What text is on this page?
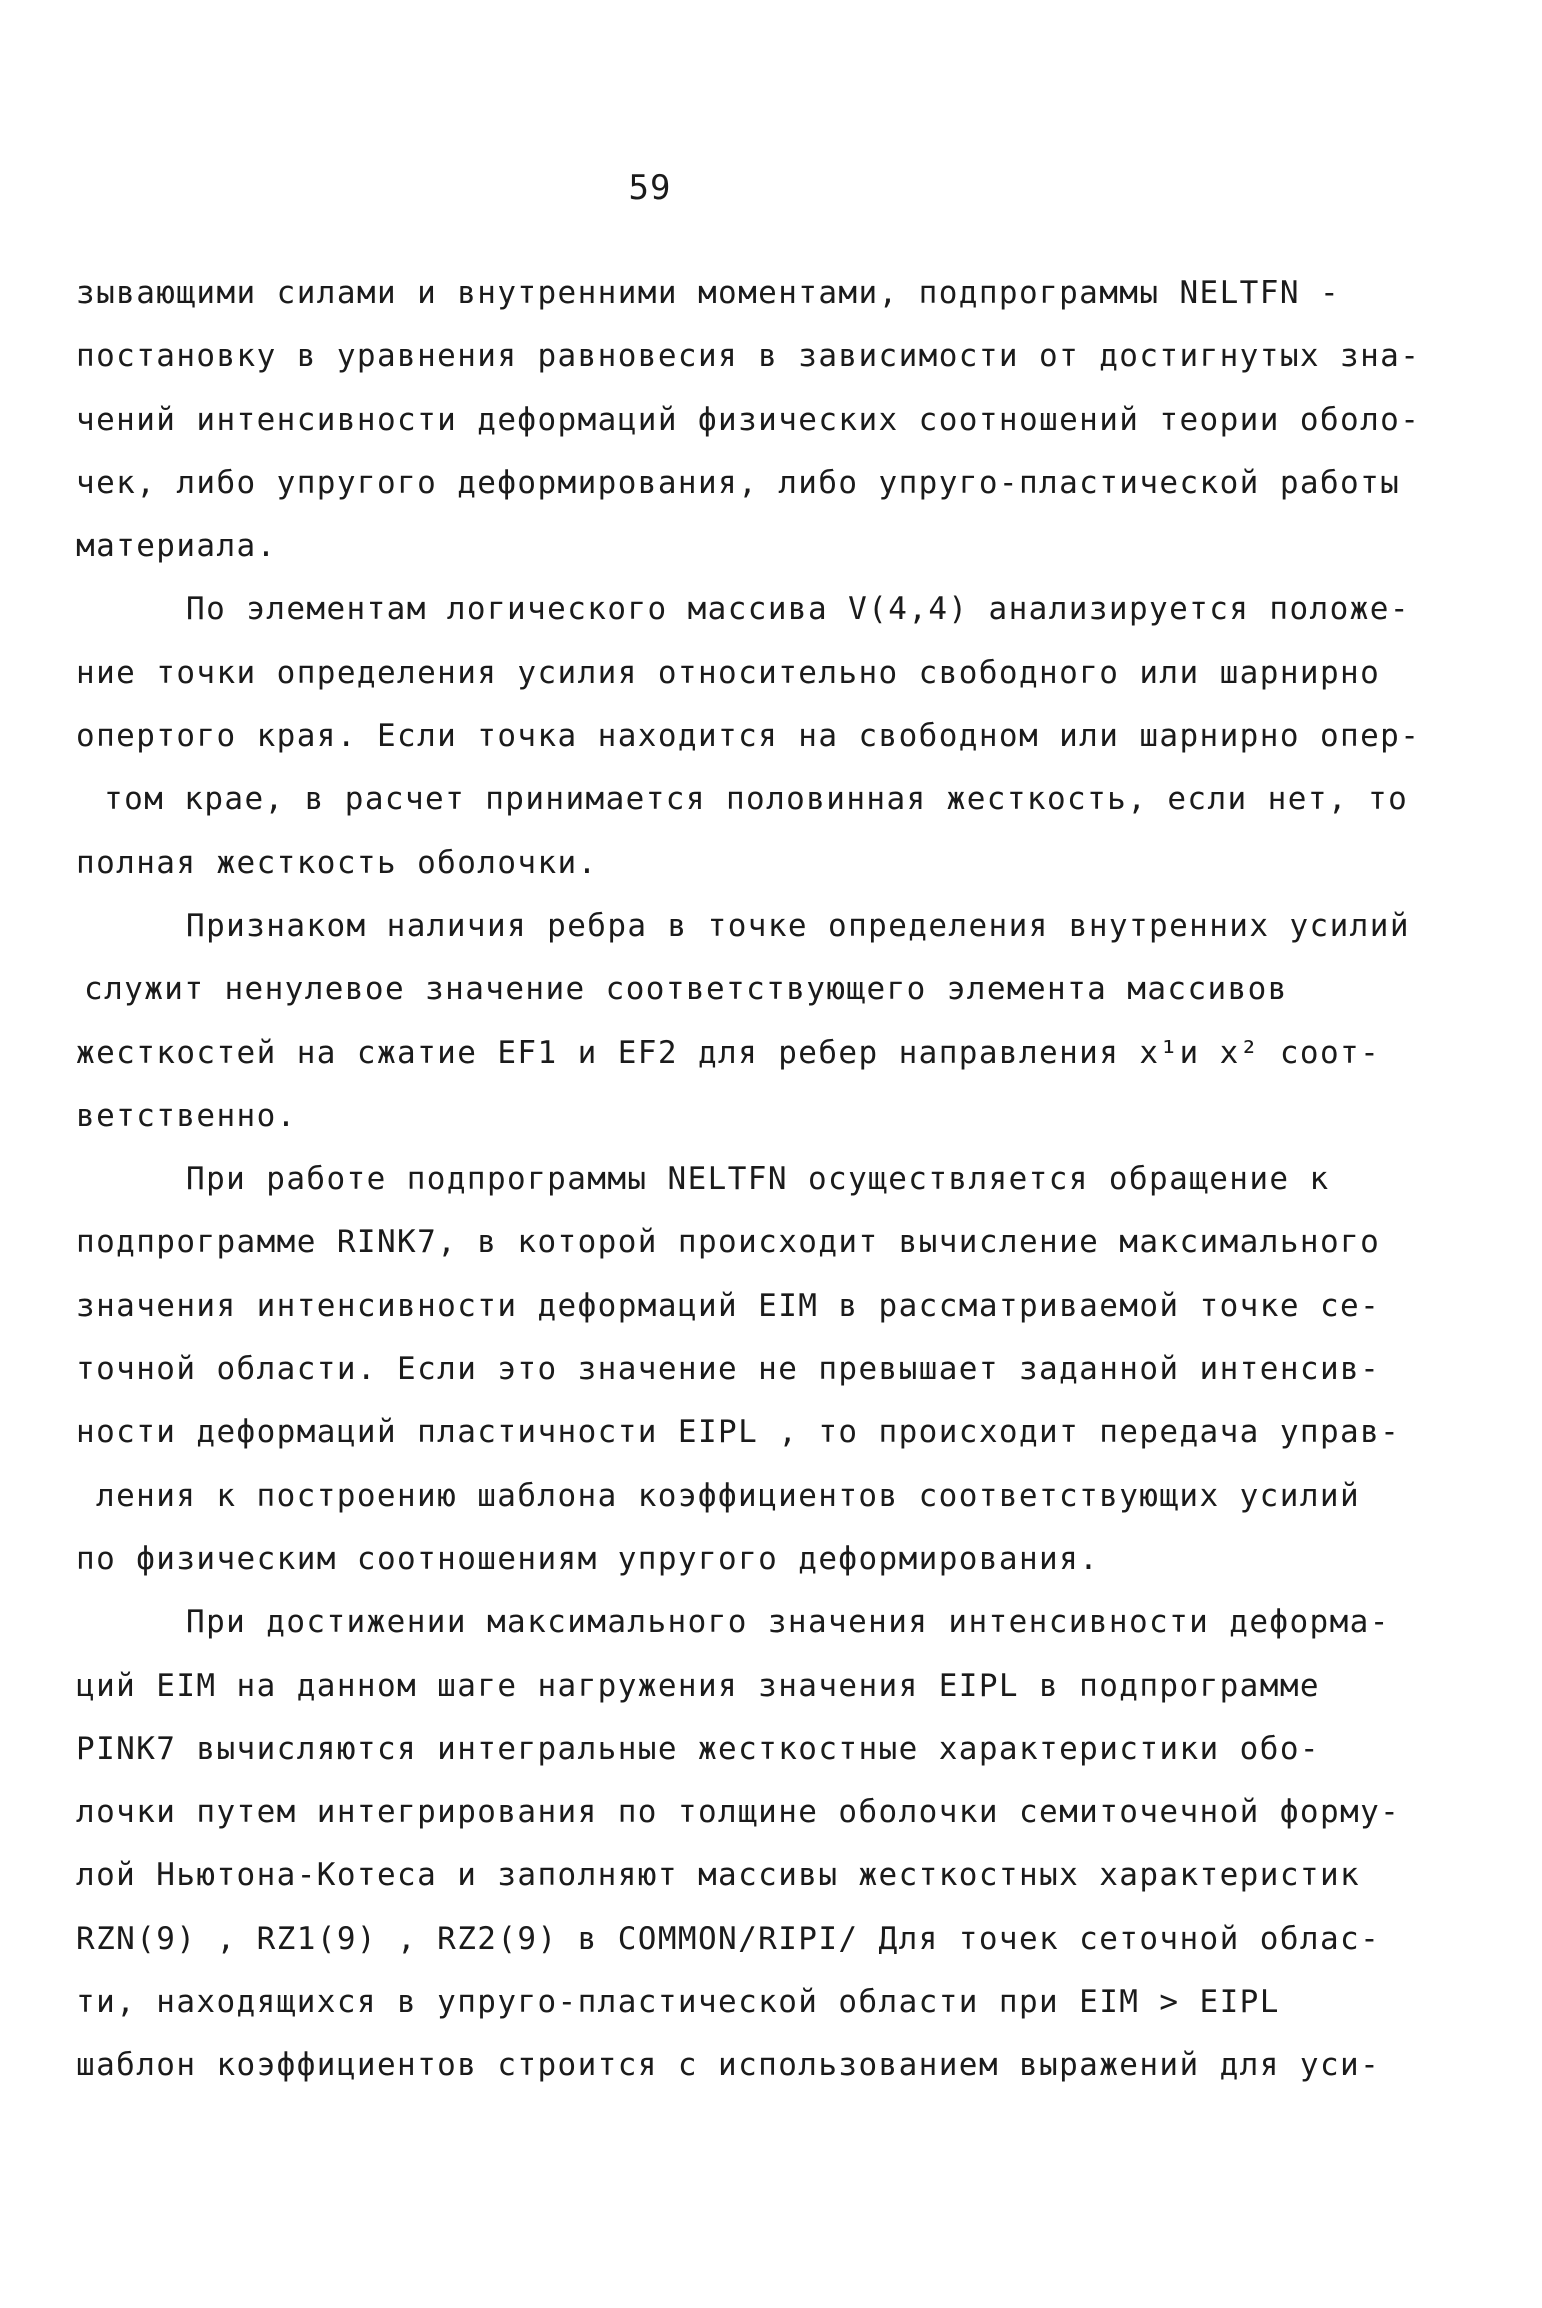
59
зывающими силами и внутренними моментами, подпрограммы NELTFN -
постановку в уравнения равновесия в зависимости от достигнутых зна-
чений интенсивности деформаций физических соотношений теории оболо-
чек, либо упругого деформирования, либо упруго-пластической работы
материала.
По элементам логического массива V(4,4) анализируется положе-
ние точки определения усилия относительно свободного или шарнирно
опертого края. Если точка находится на свободном или шарнирно опер-
том крае, в расчет принимается половинная жесткость, если нет, то
полная жесткость оболочки.
Признаком наличия ребра в точке определения внутренних усилий
служит ненулевое значение соответствующего элемента массивов
жесткостей на сжатие EF1 и EF2 для ребер направления x¹и x² соот-
ветственно.
При работе подпрограммы NELTFN осуществляется обращение к
подпрограмме RINK7, в которой происходит вычисление максимального
значения интенсивности деформаций EIM в рассматриваемой точке се-
точной области. Если это значение не превышает заданной интенсив-
ности деформаций пластичности EIPL , то происходит передача управ-
ления к построению шаблона коэффициентов соответствующих усилий
по физическим соотношениям упругого деформирования.
При достижении максимального значения интенсивности деформа-
ций EIM на данном шаге нагружения значения EIPL в подпрограмме
PINK7 вычисляются интегральные жесткостные характеристики обо-
лочки путем интегрирования по толщине оболочки семиточечной форму-
лой Ньютона-Котеса и заполняют массивы жесткостных характеристик
RZN(9) , RZ1(9) , RZ2(9) в COMMON/RIPI/ Для точек сеточной облас-
ти, находящихся в упруго-пластической области при EIM > EIPL
шаблон коэффициентов строится с использованием выражений для уси-
